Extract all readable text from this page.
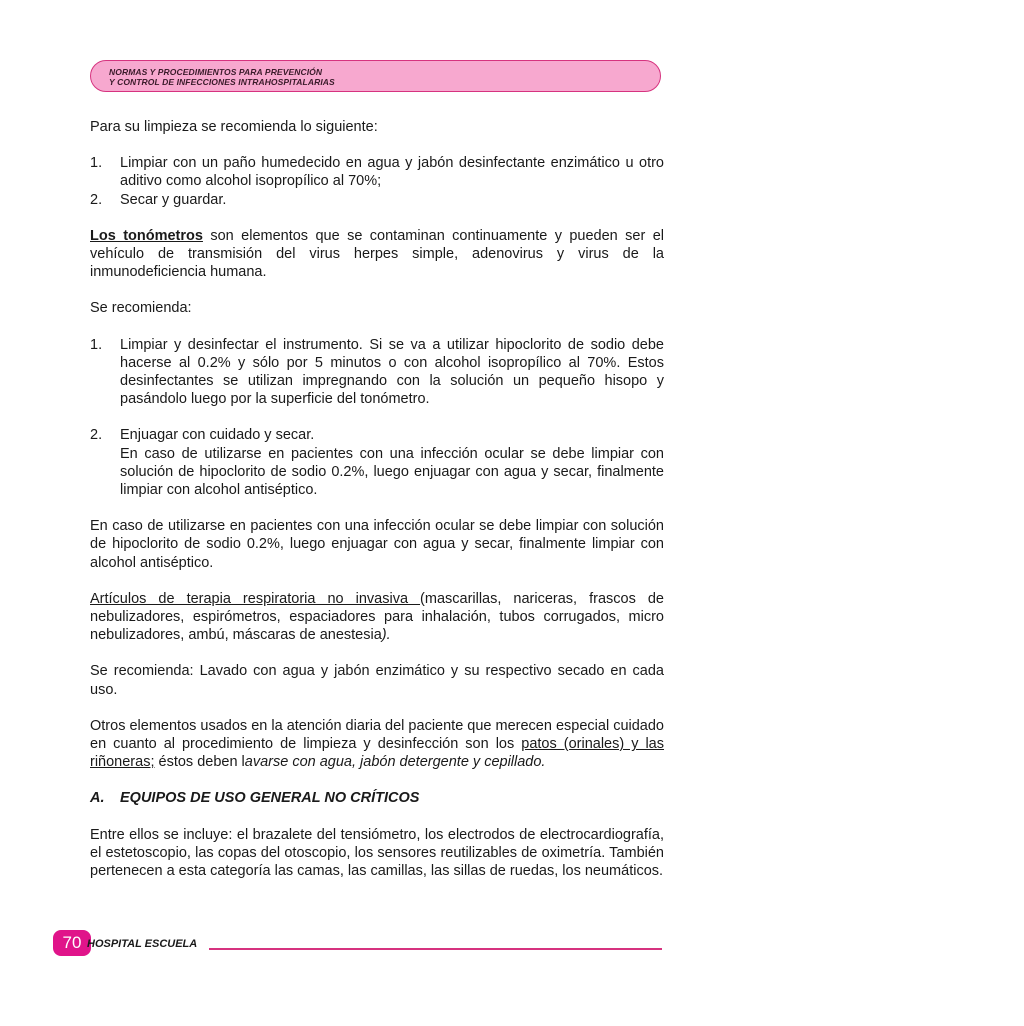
NORMAS Y PROCEDIMIENTOS PARA PREVENCIÓN
Y CONTROL DE INFECCIONES INTRAHOSPITALARIAS

Para su limpieza se recomienda lo siguiente:

1.	Limpiar con un paño humedecido en agua y jabón desinfectante enzimático u otro aditivo como alcohol isopropílico al 70%;
2.	Secar y guardar.

Los tonómetros son elementos que se contaminan continuamente y pueden ser el vehículo de transmisión del virus herpes simple, adenovirus y virus de la inmunodeficiencia humana.

Se recomienda:

1.	Limpiar y desinfectar el instrumento. Si se va a utilizar hipoclorito de sodio debe hacerse al 0.2% y sólo por 5 minutos o con alcohol isopropílico al 70%. Estos desinfectantes se utilizan impregnando con la solución un pequeño hisopo y pasándolo luego por la superficie del tonómetro.
2.	Enjuagar con cuidado y secar.
En caso de utilizarse en pacientes con una infección ocular se debe limpiar con solución de hipoclorito de sodio 0.2%, luego enjuagar con agua y secar, finalmente limpiar con alcohol antiséptico.

En caso de utilizarse en pacientes con una infección ocular se debe limpiar con solución de hipoclorito de sodio 0.2%, luego enjuagar con agua y secar, finalmente limpiar con alcohol antiséptico.

Artículos de terapia respiratoria no invasiva (mascarillas, nariceras, frascos de nebulizadores, espirómetros, espaciadores para inhalación, tubos corrugados, micro nebulizadores, ambú, máscaras de anestesia).

Se recomienda: Lavado con agua y jabón enzimático y su respectivo secado en cada uso.

Otros elementos usados en la atención diaria del paciente que merecen especial cuidado en cuanto al procedimiento de limpieza y desinfección son los patos (orinales) y las riñoneras; éstos deben lavarse con agua, jabón detergente y cepillado.

A.	EQUIPOS DE USO GENERAL NO CRÍTICOS

Entre ellos se incluye: el brazalete del tensiómetro, los electrodos de electrocardiografía, el estetoscopio, las copas del otoscopio, los sensores reutilizables de oximetría. También pertenecen a esta categoría las camas, las camillas, las sillas de ruedas, los neumáticos.

70 HOSPITAL ESCUELA
